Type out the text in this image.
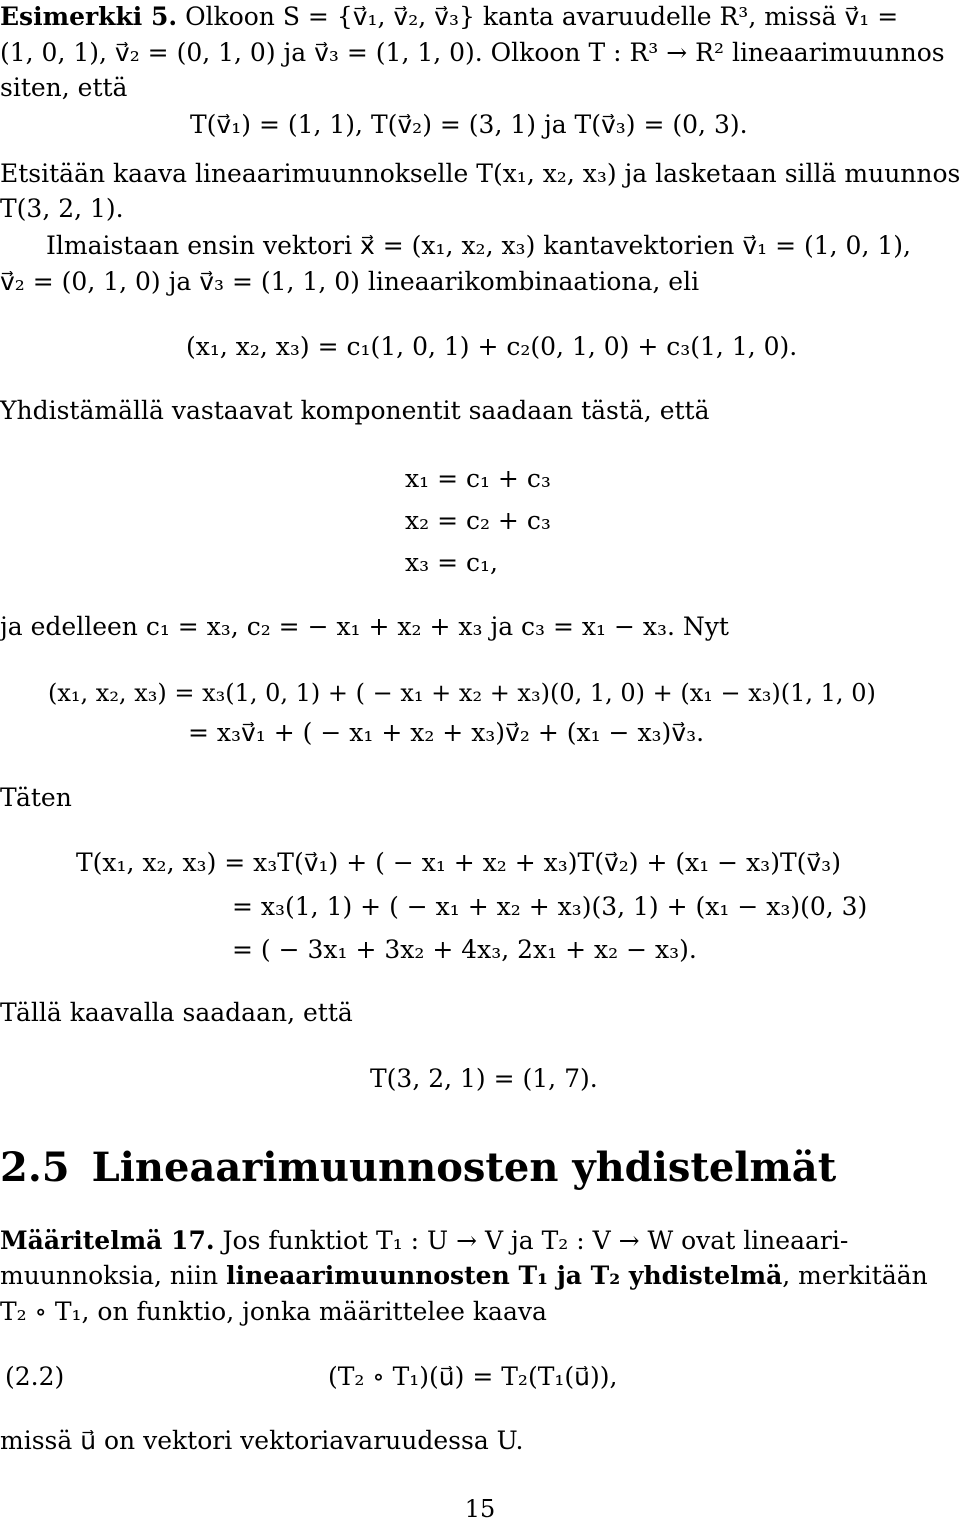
Esimerkki 5. Olkoon S = {v⃗₁, v⃗₂, v⃗₃} kanta avaruudelle R³, missä v⃗₁ =

(1, 0, 1), v⃗₂ = (0, 1, 0) ja v⃗₃ = (1, 1, 0). Olkoon T : R³ → R² lineaarimuunnos

siten, että

T(v⃗₁) = (1, 1), T(v⃗₂) = (3, 1) ja T(v⃗₃) = (0, 3).

Etsitään kaava lineaarimuunnokselle T(x₁, x₂, x₃) ja lasketaan sillä muunnos

T(3, 2, 1).

Ilmaistaan ensin vektori x⃗ = (x₁, x₂, x₃) kantavektorien v⃗₁ = (1, 0, 1),

v⃗₂ = (0, 1, 0) ja v⃗₃ = (1, 1, 0) lineaarikombinaationa, eli

(x₁, x₂, x₃) = c₁(1, 0, 1) + c₂(0, 1, 0) + c₃(1, 1, 0).

Yhdistämällä vastaavat komponentit saadaan tästä, että

x₁ = c₁ + c₃
x₂ = c₂ + c₃
x₃ = c₁,

ja edelleen c₁ = x₃, c₂ = − x₁ + x₂ + x₃ ja c₃ = x₁ − x₃. Nyt

(x₁, x₂, x₃) = x₃(1, 0, 1) + ( − x₁ + x₂ + x₃)(0, 1, 0) + (x₁ − x₃)(1, 1, 0)
= x₃v⃗₁ + ( − x₁ + x₂ + x₃)v⃗₂ + (x₁ − x₃)v⃗₃.

Täten

T(x₁, x₂, x₃) = x₃T(v⃗₁) + ( − x₁ + x₂ + x₃)T(v⃗₂) + (x₁ − x₃)T(v⃗₃)
= x₃(1, 1) + ( − x₁ + x₂ + x₃)(3, 1) + (x₁ − x₃)(0, 3)
= ( − 3x₁ + 3x₂ + 4x₃, 2x₁ + x₂ − x₃).

Tällä kaavalla saadaan, että

T(3, 2, 1) = (1, 7).
2.5 Lineaarimuunnosten yhdistelmät

Määritelmä 17. Jos funktiot T₁ : U → V ja T₂ : V → W ovat lineaari-

muunnoksia, niin lineaarimuunnosten T₁ ja T₂ yhdistelmä, merkitään

T₂ ∘ T₁, on funktio, jonka määrittelee kaava

(2.2)	(T₂ ∘ T₁)(u⃗) = T₂(T₁(u⃗)),

missä u⃗ on vektori vektoriavaruudessa U.

15
